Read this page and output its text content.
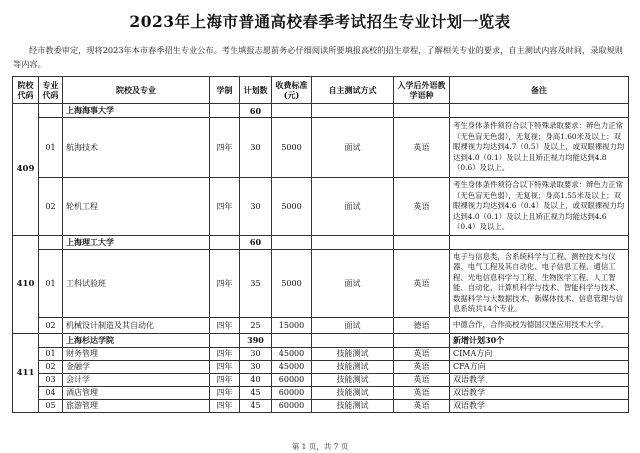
2023年上海市普通高校春季考试招生专业计划一览表
经市教委审定，现将2023年本市春季招生专业公布。考生填报志愿前务必仔细阅读所要填报高校的招生章程，了解相关专业的要求，自主测试内容及时间，录取规则等内容。
院校代码	专业代码	院校及专业	学制	计划数	收费标准(元)	自主测试方式	入学后外语教学语种	备注
409		上海海事大学		60				
	01	航海技术	四年	30	5000	面试	英语	考生身体条件须符合以下特殊录取要求：辨色力正常（无色盲无色弱），无复视；身高1.60米及以上；双眼裸视力均达到4.7（0.5）及以上，或双眼裸视力均达到4.0（0.1）及以上且矫正视力均能达到4.8（0.6）及以上。
	02	轮机工程	四年	30	5000	面试	英语	考生身体条件须符合以下特殊录取要求：辨色力正常（无色盲无色弱），无复视；身高1.55米及以上；双眼裸视力均达到4.6（0.4）及以上，或双眼裸视力均达到4.0（0.1）及以上且矫正视力均能达到4.6（0.4）及以上。
410		上海理工大学		60				
	01	工科试验班	四年	35	5000	面试	英语	电子与信息类，含系统科学与工程、测控技术与仪器、电气工程及其自动化、电子信息工程、通信工程、光电信息科学与工程、生物医学工程、人工智能、自动化、计算机科学与技术、智能科学与技术、数据科学与大数据技术、新媒体技术、信息管理与信息系统共14个专业。
	02	机械设计制造及其自动化	四年	25	15000	面试	德语	中德合作，合作高校为德国汉堡应用技术大学。
411		上海杉达学院		390				新增计划30个
	01	财务管理	四年	30	45000	技能测试	英语	CIMA方向
	02	金融学	四年	30	45000	技能测试	英语	CFA方向
	03	会计学	四年	40	60000	技能测试	英语	双语教学
	04	酒店管理	四年	45	60000	技能测试	英语	双语教学
	05	旅游管理	四年	45	60000	技能测试	英语	双语教学
第 1 页，共 7 页
